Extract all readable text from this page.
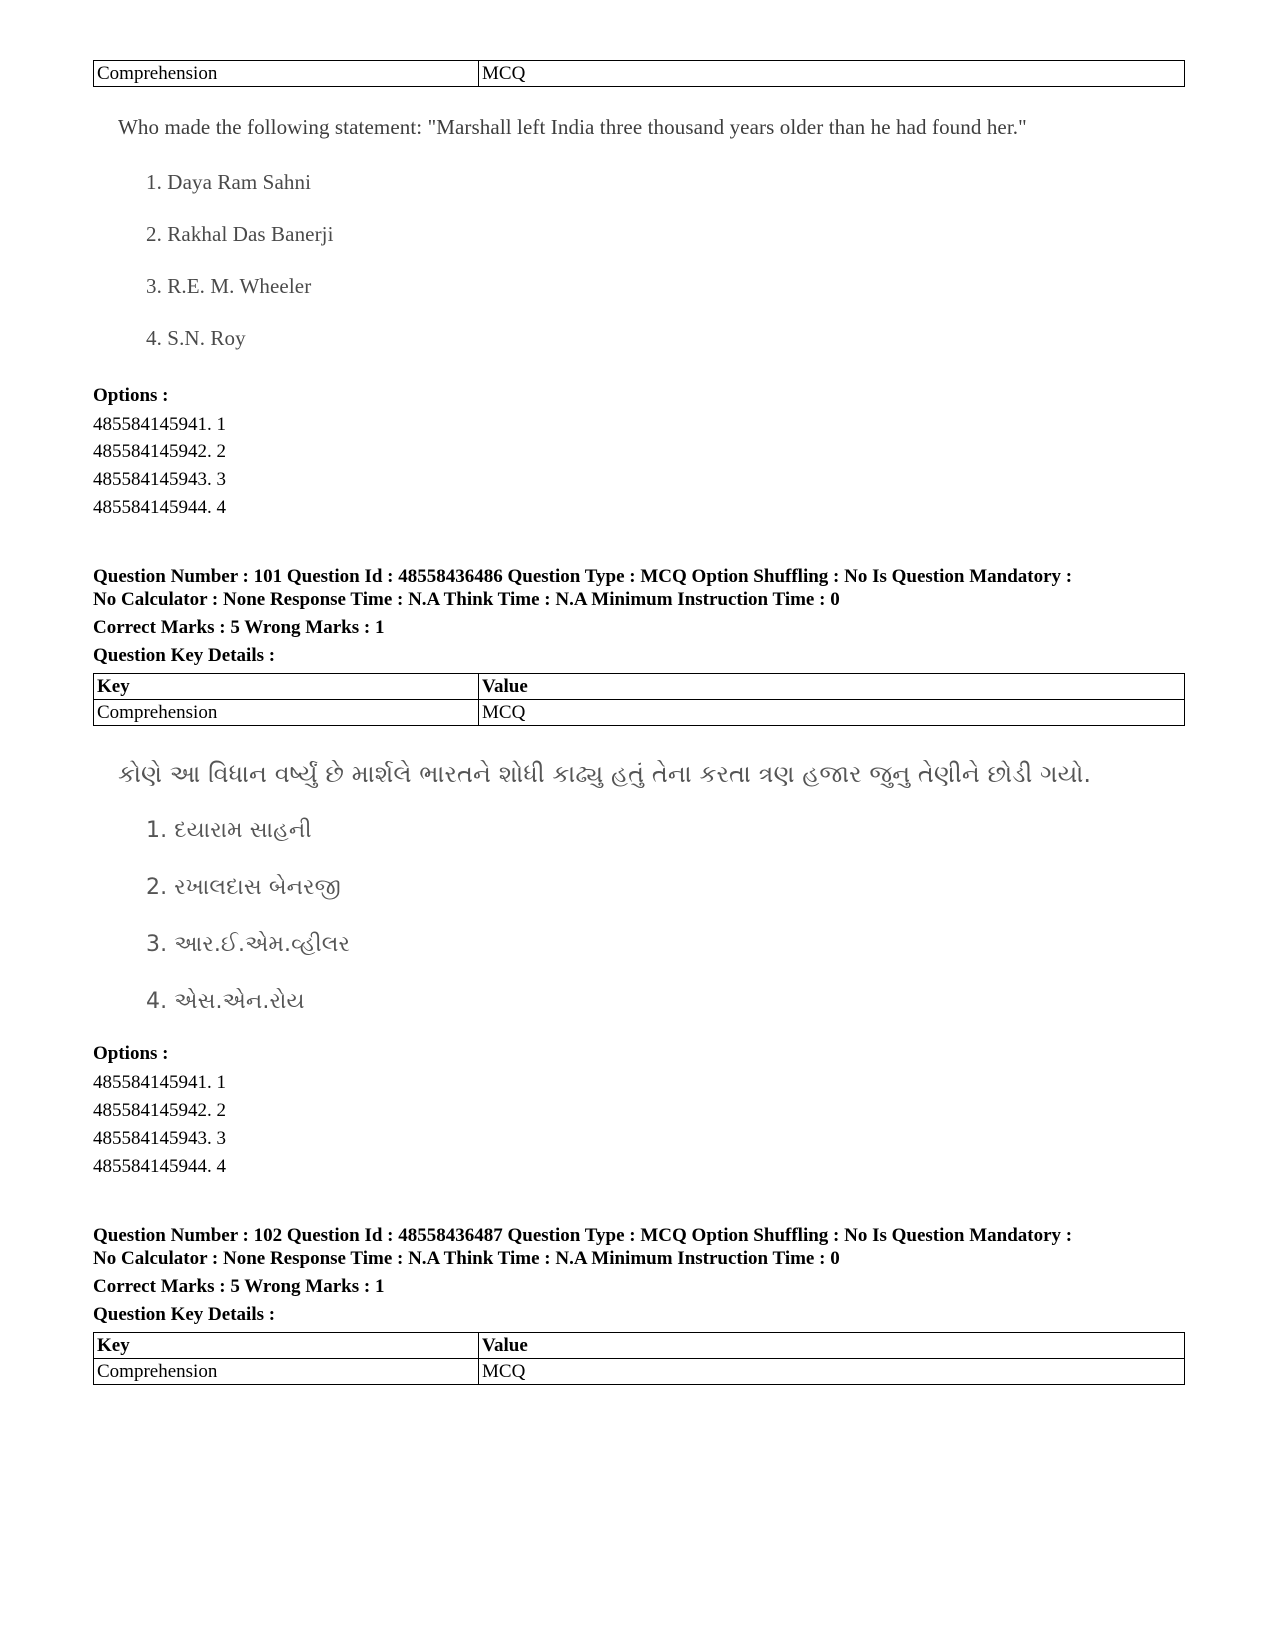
Comprehension	MCQ
Who made the following statement: "Marshall left India three thousand years older than he had found her."
1. Daya Ram Sahni
2. Rakhal Das Banerji
3. R.E. M. Wheeler
4. S.N. Roy
Options :
485584145941. 1
485584145942. 2
485584145943. 3
485584145944. 4
Question Number : 101 Question Id : 48558436486 Question Type : MCQ Option Shuffling : No Is Question Mandatory :
No Calculator : None Response Time : N.A Think Time : N.A Minimum Instruction Time : 0
Correct Marks : 5 Wrong Marks : 1
Question Key Details :
Key	Value
Comprehension	MCQ
કોણે આ વિધાન વર્ષ્યું છે માર્શલે ભારતને શોધી કાઢ્યુ હતું તેના કરતા ત્રણ હજાર જુનુ તેણીને છોડી ગયો.
1. દયારામ સાહની
2. રખાલદાસ બેનરજી
3. આર.ઈ.એમ.વ્હીલર
4. એસ.એન.રોય
Options :
485584145941. 1
485584145942. 2
485584145943. 3
485584145944. 4
Question Number : 102 Question Id : 48558436487 Question Type : MCQ Option Shuffling : No Is Question Mandatory :
No Calculator : None Response Time : N.A Think Time : N.A Minimum Instruction Time : 0
Correct Marks : 5 Wrong Marks : 1
Question Key Details :
Key	Value
Comprehension	MCQ
